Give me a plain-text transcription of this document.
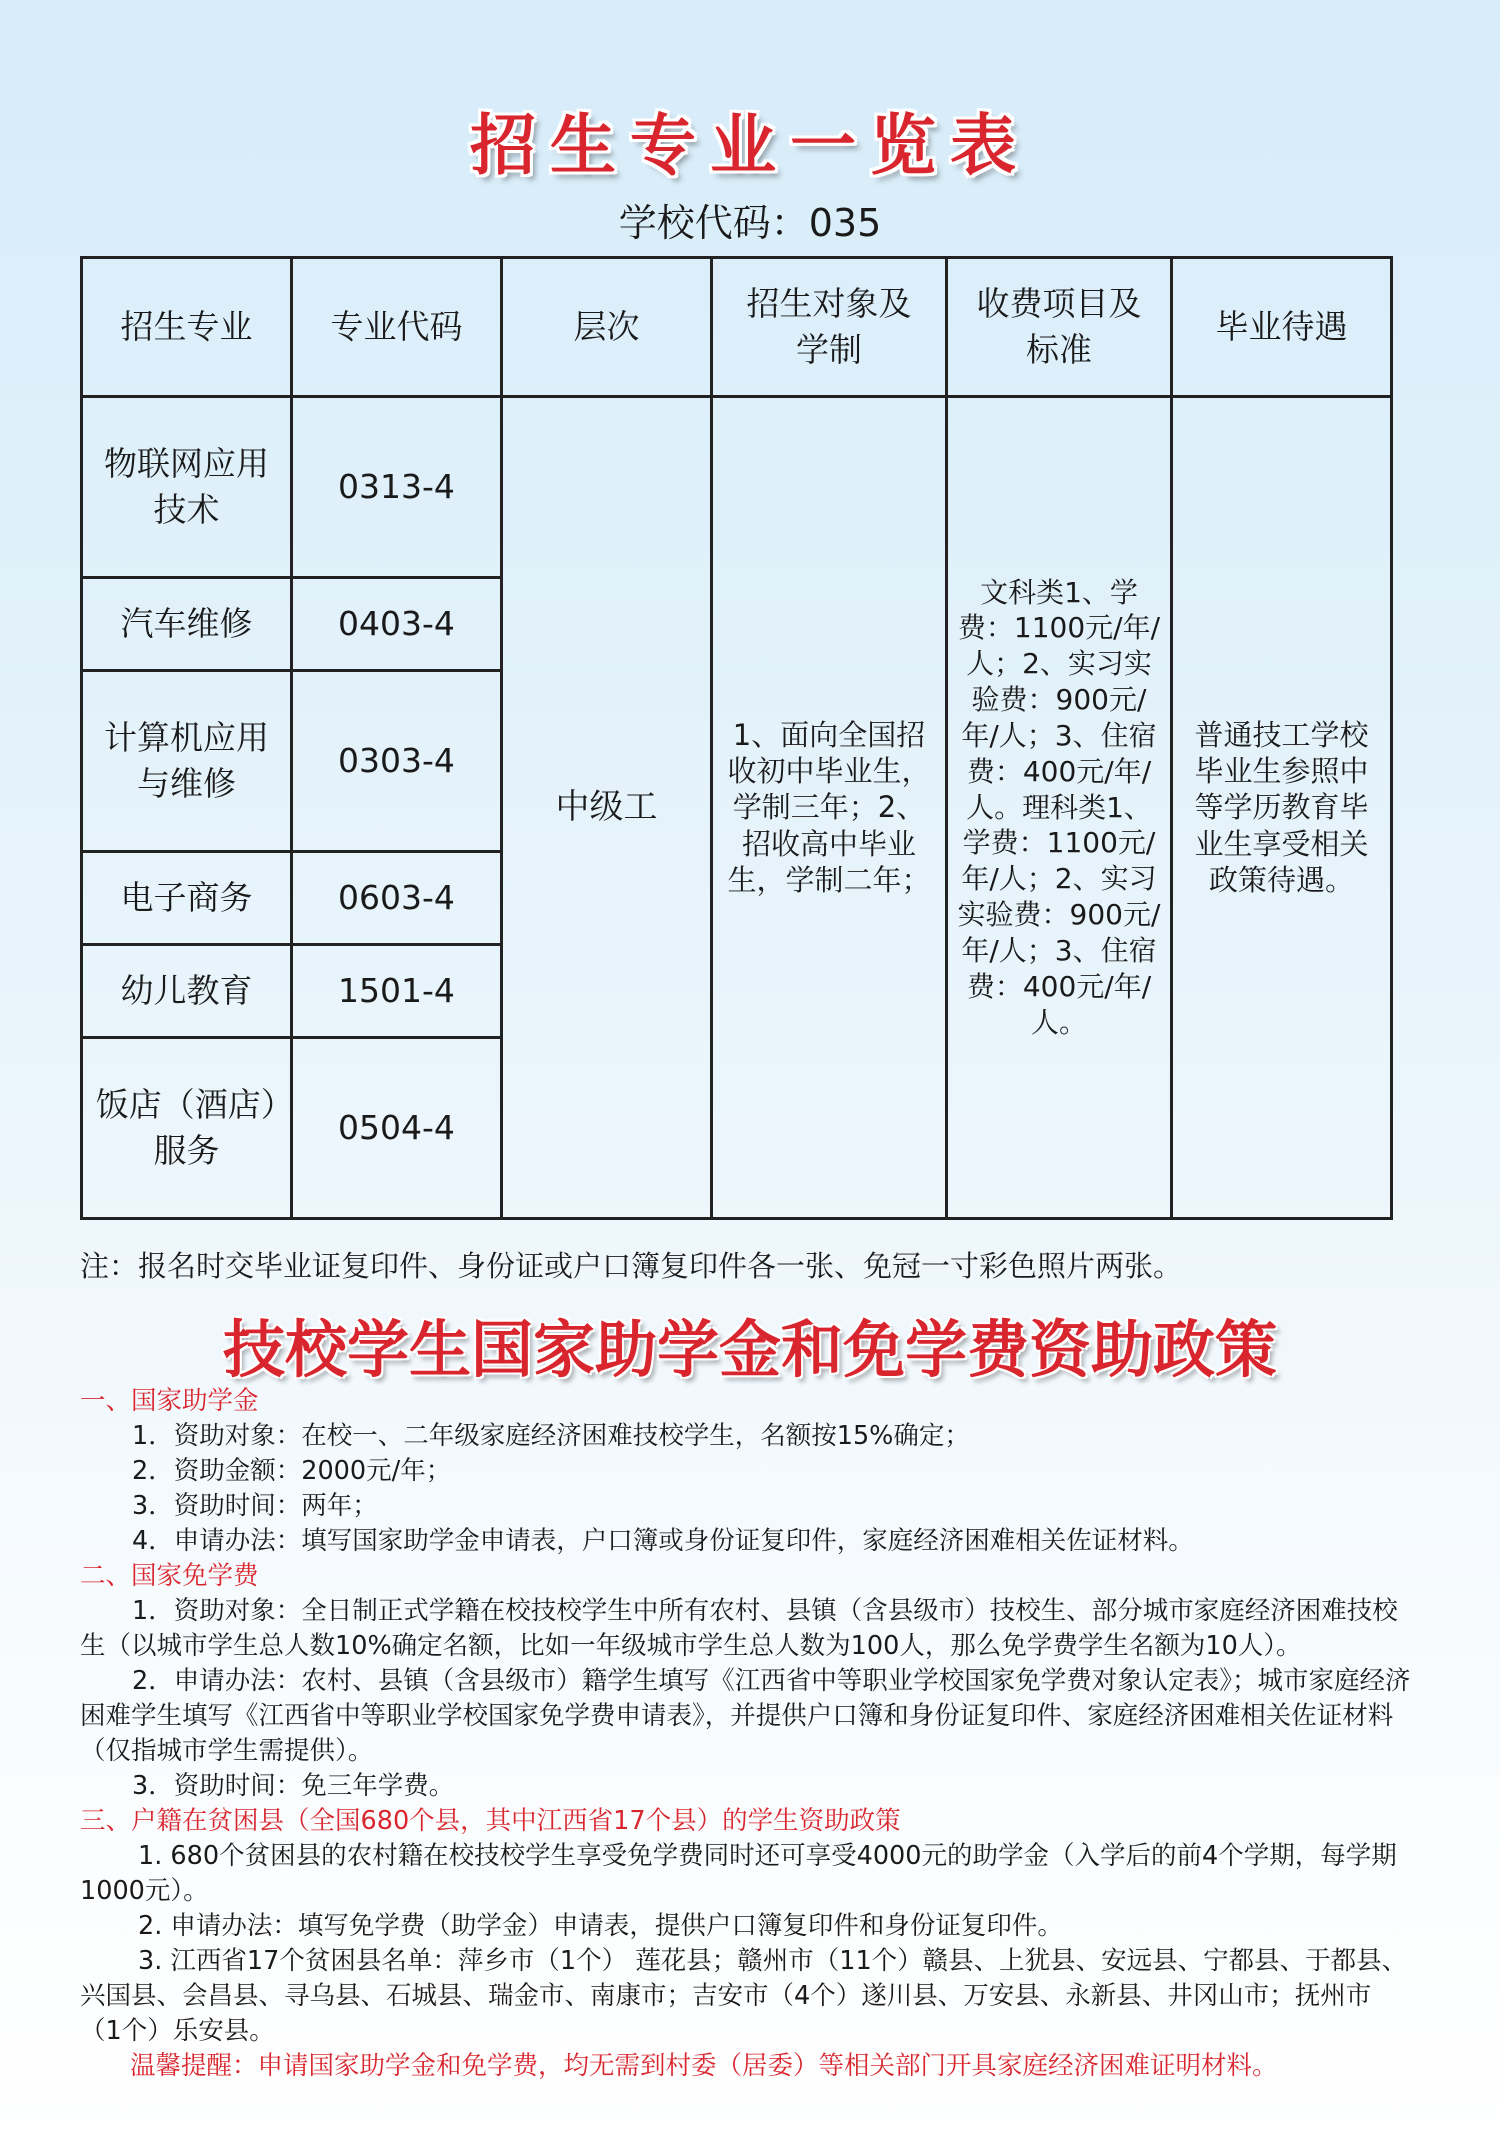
招生专业一览表
学校代码：035
招生专业	专业代码	层次	招生对象及学制	收费项目及标准	毕业待遇
物联网应用技术	0313-4	中级工	1、面向全国招收初中毕业生，学制三年；2、招收高中毕业生，学制二年；	文科类1、学费：1100元/年/人；2、实习实验费：900元/年/人；3、住宿费：400元/年/人。理科类1、学费：1100元/年/人；2、实习实验费：900元/年/人；3、住宿费：400元/年/人。	普通技工学校毕业生参照中等学历教育毕业生享受相关政策待遇。
汽车维修	0403-4				
计算机应用与维修	0303-4				
电子商务	0603-4				
幼儿教育	1501-4				
饭店（酒店）服务	0504-4				
注：报名时交毕业证复印件、身份证或户口簿复印件各一张、免冠一寸彩色照片两张。
技校学生国家助学金和免学费资助政策
一、国家助学金
1．资助对象：在校一、二年级家庭经济困难技校学生，名额按15%确定；
2．资助金额：2000元/年；
3．资助时间：两年；
4．申请办法：填写国家助学金申请表，户口簿或身份证复印件，家庭经济困难相关佐证材料。
二、国家免学费
1．资助对象：全日制正式学籍在校技校学生中所有农村、县镇（含县级市）技校生、部分城市家庭经济困难技校生（以城市学生总人数10%确定名额，比如一年级城市学生总人数为100人，那么免学费学生名额为10人）。
2．申请办法：农村、县镇（含县级市）籍学生填写《江西省中等职业学校国家免学费对象认定表》；城市家庭经济困难学生填写《江西省中等职业学校国家免学费申请表》，并提供户口簿和身份证复印件、家庭经济困难相关佐证材料（仅指城市学生需提供）。
3．资助时间：免三年学费。
三、户籍在贫困县（全国680个县，其中江西省17个县）的学生资助政策
1. 680个贫困县的农村籍在校技校学生享受免学费同时还可享受4000元的助学金（入学后的前4个学期，每学期1000元）。
2. 申请办法：填写免学费（助学金）申请表，提供户口簿复印件和身份证复印件。
3. 江西省17个贫困县名单：萍乡市（1个） 莲花县；赣州市（11个）赣县、上犹县、安远县、宁都县、于都县、兴国县、会昌县、寻乌县、石城县、瑞金市、南康市；吉安市（4个）遂川县、万安县、永新县、井冈山市；抚州市（1个）乐安县。
温馨提醒：申请国家助学金和免学费，均无需到村委（居委）等相关部门开具家庭经济困难证明材料。
